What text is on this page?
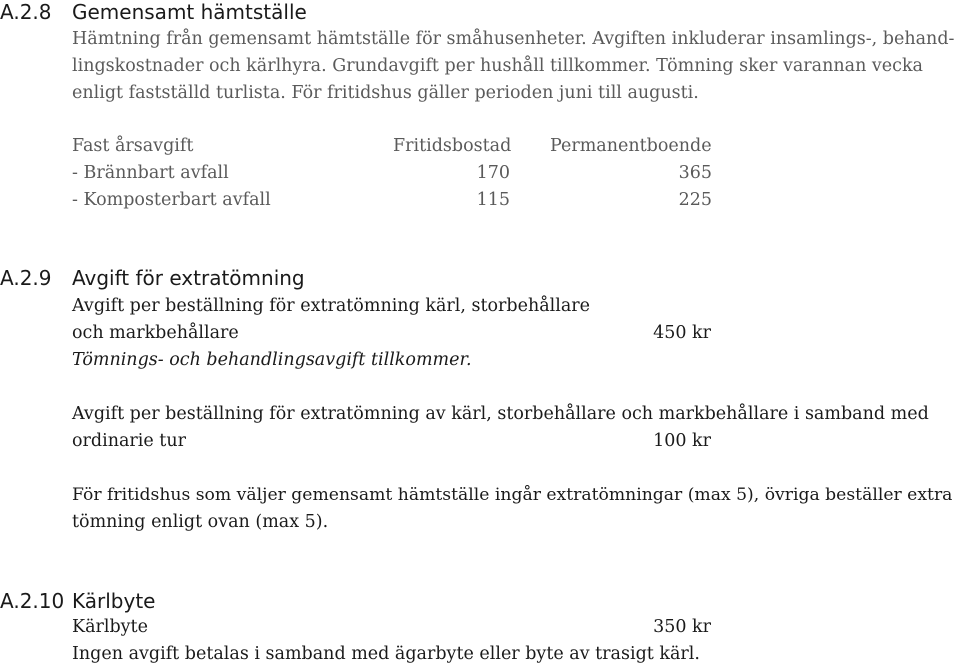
A.2.8 Gemensamt hämtställe
Hämtning från gemensamt hämtställe för småhusenheter. Avgiften inkluderar insamlings-, behand-
lingskostnader och kärlhyra. Grundavgift per hushåll tillkommer. Tömning sker varannan vecka
enligt fastställd turlista. För fritidshus gäller perioden juni till augusti.
Fast årsavgift	Fritidsbostad Permanentboende
- Brännbart avfall	170	365
- Komposterbart avfall	115	225
A.2.9 Avgift för extratömning
Avgift per beställning för extratömning kärl, storbehållare
och markbehållare	450 kr
Tömnings- och behandlingsavgift tillkommer.
Avgift per beställning för extratömning av kärl, storbehållare och markbehållare i samband med
ordinarie tur	100 kr
För fritidshus som väljer gemensamt hämtställe ingår extratömningar (max 5), övriga beställer extra
tömning enligt ovan (max 5).
A.2.10 Kärlbyte
Kärlbyte	350 kr
Ingen avgift betalas i samband med ägarbyte eller byte av trasigt kärl.
